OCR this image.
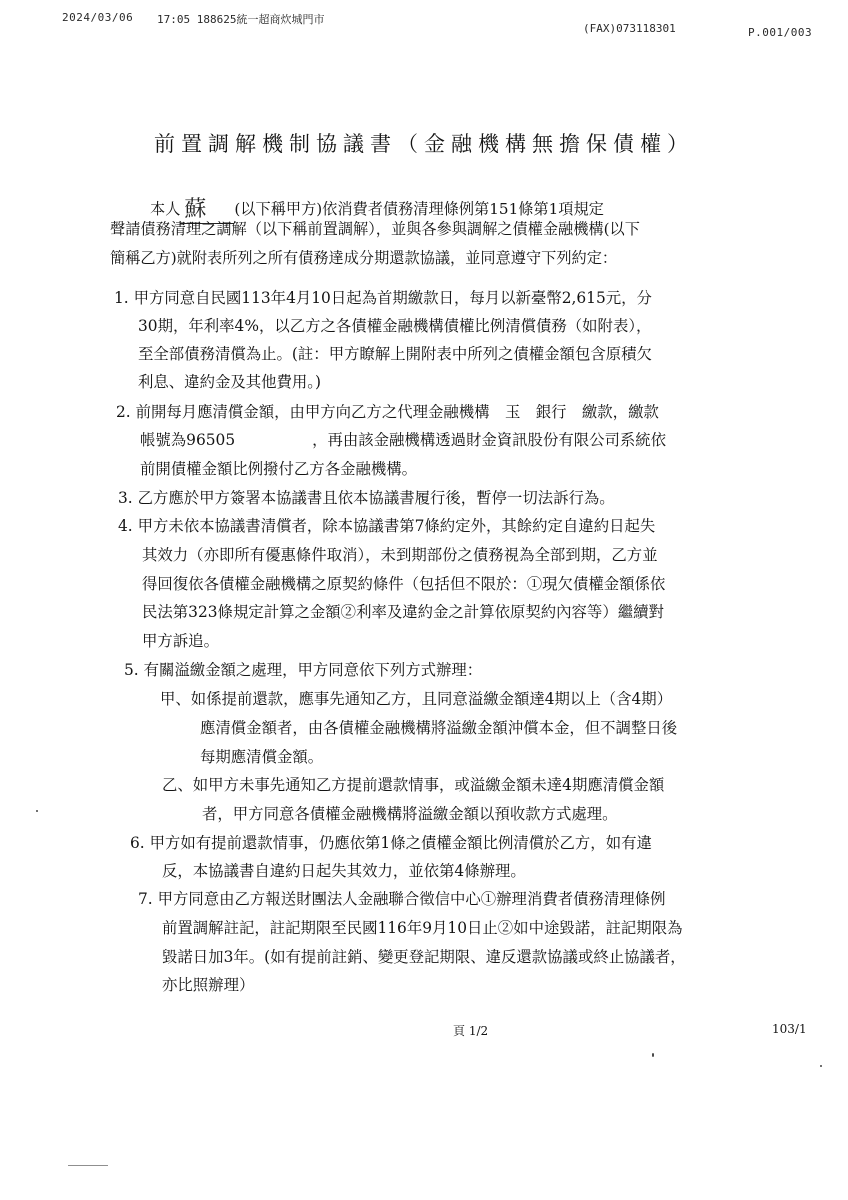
2024/03/06 17:05 188625統一超商炊城門市
(FAX)073118301	P.001/003
前置調解機制協議書（金融機構無擔保債權）
本人 蘇 (以下稱甲方)依消費者債務清理條例第151條第1項規定
聲請債務清理之調解（以下稱前置調解），並與各參與調解之債權金融機構(以下
簡稱乙方)就附表所列之所有債務達成分期還款協議，並同意遵守下列約定：
1. 甲方同意自民國113年4月10日起為首期繳款日，每月以新臺幣2,615元，分
30期，年利率4%，以乙方之各債權金融機構債權比例清償債務（如附表），
至全部債務清償為止。(註：甲方瞭解上開附表中所列之債權金額包含原積欠
利息、違約金及其他費用。)
2. 前開每月應清償金額，由甲方向乙方之代理金融機構　玉　銀行　繳款，繳款
帳號為96505　　　　　，再由該金融機構透過財金資訊股份有限公司系統依
前開債權金額比例撥付乙方各金融機構。
3. 乙方應於甲方簽署本協議書且依本協議書履行後，暫停一切法訴行為。
4. 甲方未依本協議書清償者，除本協議書第7條約定外，其餘約定自違約日起失
其效力（亦即所有優惠條件取消），未到期部份之債務視為全部到期，乙方並
得回復依各債權金融機構之原契約條件（包括但不限於：①現欠債權金額係依
民法第323條規定計算之金額②利率及違約金之計算依原契約內容等）繼續對
甲方訴追。
5. 有關溢繳金額之處理，甲方同意依下列方式辦理：
甲、如係提前還款，應事先通知乙方，且同意溢繳金額達4期以上（含4期）
應清償金額者，由各債權金融機構將溢繳金額沖償本金，但不調整日後
每期應清償金額。
乙、如甲方未事先通知乙方提前還款情事，或溢繳金額未達4期應清償金額
者，甲方同意各債權金融機構將溢繳金額以預收款方式處理。
6. 甲方如有提前還款情事，仍應依第1條之債權金額比例清償於乙方，如有違
反，本協議書自違約日起失其效力，並依第4條辦理。
7. 甲方同意由乙方報送財團法人金融聯合徵信中心①辦理消費者債務清理條例
前置調解註記，註記期限至民國116年9月10日止②如中途毀諾，註記期限為
毀諾日加3年。(如有提前註銷、變更登記期限、違反還款協議或終止協議者，
亦比照辦理）
頁 1/2	103/1
